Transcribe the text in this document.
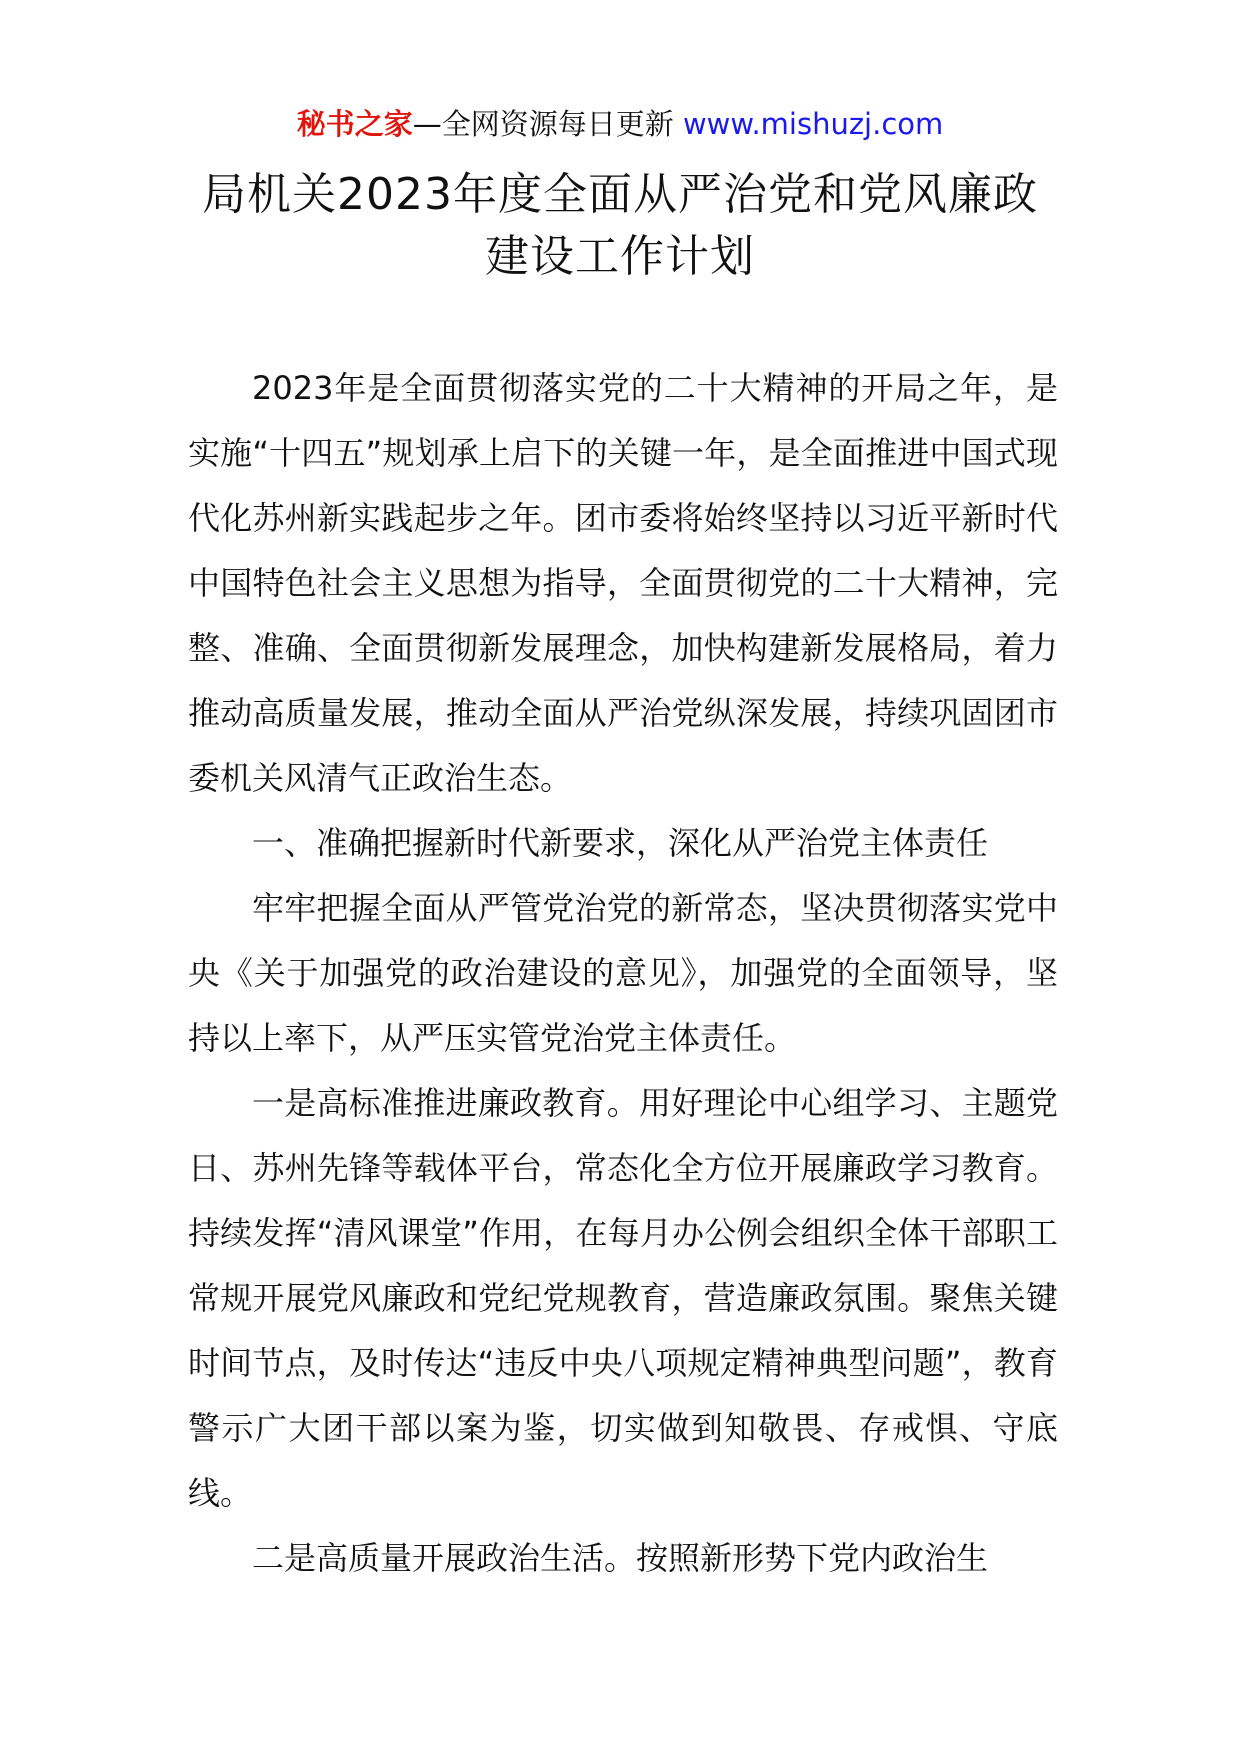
秘书之家—全网资源每日更新 www.mishuzj.com
局机关2023年度全面从严治党和党风廉政
建设工作计划

2023年是全面贯彻落实党的二十大精神的开局之年，是实施“十四五”规划承上启下的关键一年，是全面推进中国式现代化苏州新实践起步之年。团市委将始终坚持以习近平新时代中国特色社会主义思想为指导，全面贯彻党的二十大精神，完整、准确、全面贯彻新发展理念，加快构建新发展格局，着力推动高质量发展，推动全面从严治党纵深发展，持续巩固团市委机关风清气正政治生态。

一、准确把握新时代新要求，深化从严治党主体责任

牢牢把握全面从严管党治党的新常态，坚决贯彻落实党中央《关于加强党的政治建设的意见》，加强党的全面领导，坚持以上率下，从严压实管党治党主体责任。

一是高标准推进廉政教育。用好理论中心组学习、主题党日、苏州先锋等载体平台，常态化全方位开展廉政学习教育。持续发挥“清风课堂”作用，在每月办公例会组织全体干部职工常规开展党风廉政和党纪党规教育，营造廉政氛围。聚焦关键时间节点，及时传达“违反中央八项规定精神典型问题”，教育警示广大团干部以案为鉴，切实做到知敬畏、存戒惧、守底线。

二是高质量开展政治生活。按照新形势下党内政治生
